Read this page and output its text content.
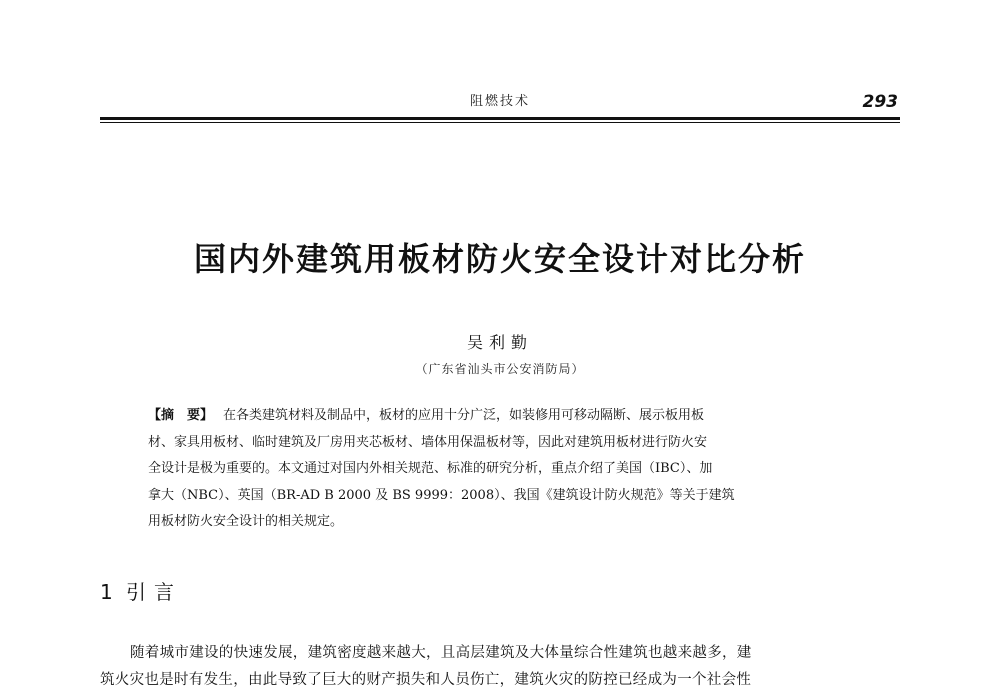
阻燃技术	293
国内外建筑用板材防火安全设计对比分析
吴利勤
（广东省汕头市公安消防局）
【摘　要】 在各类建筑材料及制品中，板材的应用十分广泛，如装修用可移动隔断、展示板用板
材、家具用板材、临时建筑及厂房用夹芯板材、墙体用保温板材等，因此对建筑用板材进行防火安
全设计是极为重要的。本文通过对国内外相关规范、标准的研究分析，重点介绍了美国（IBC）、加
拿大（NBC）、英国（BR-AD B 2000 及 BS 9999：2008）、我国《建筑设计防火规范》等关于建筑
用板材防火安全设计的相关规定。
1 引言
随着城市建设的快速发展，建筑密度越来越大，且高层建筑及大体量综合性建筑也越来越多，建
筑火灾也是时有发生，由此导致了巨大的财产损失和人员伤亡，建筑火灾的防控已经成为一个社会性
